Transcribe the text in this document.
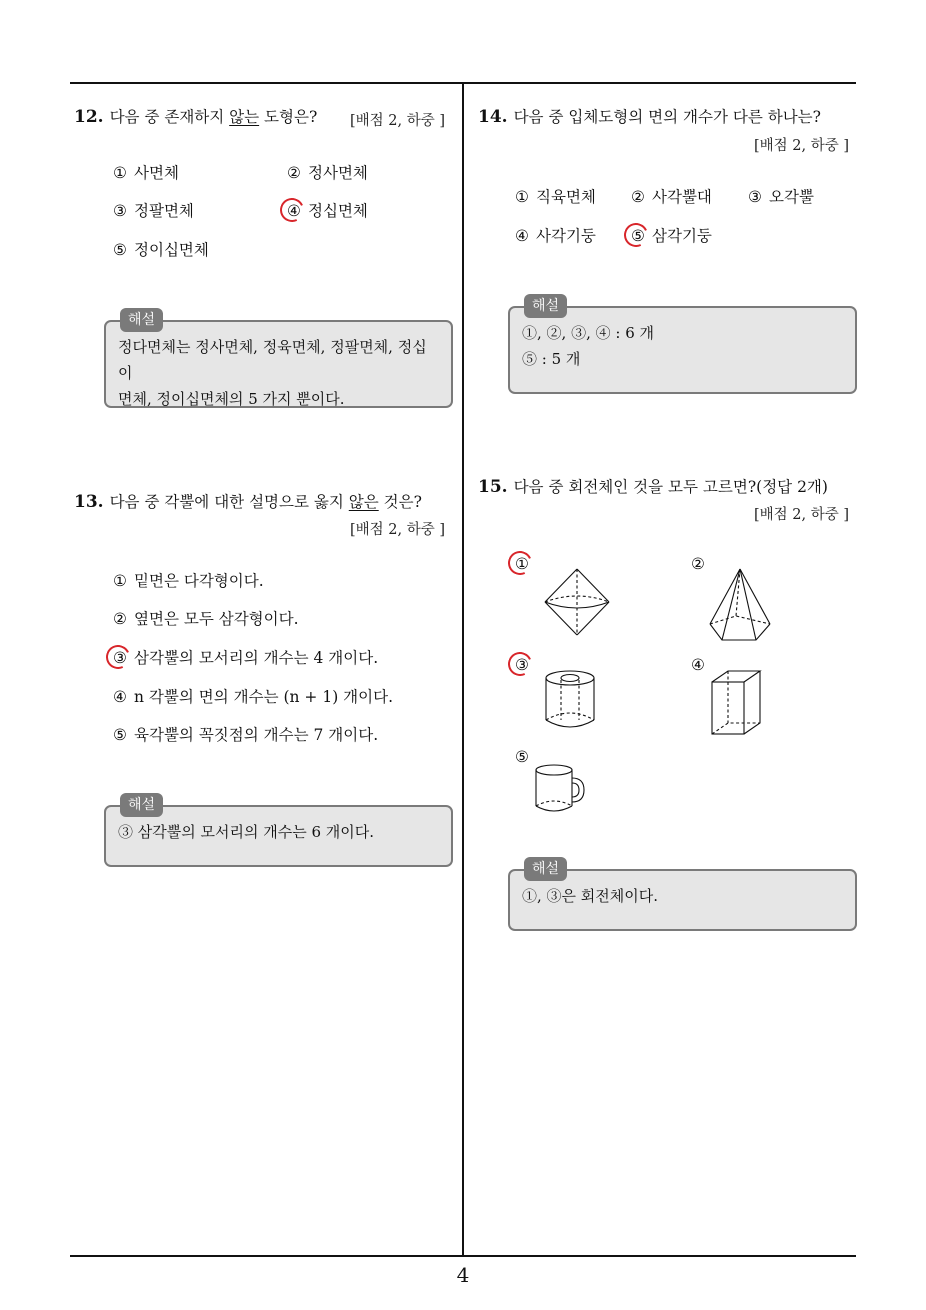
12. 다음 중 존재하지 않는 도형은? [배점 2, 하중 ]
① 사면체	② 정사면체
③ 정팔면체	④ 정십면체
⑤ 정이십면체
해설
정다면체는 정사면체, 정육면체, 정팔면체, 정십이
면체, 정이십면체의 5 가지 뿐이다.
13. 다음 중 각뿔에 대한 설명으로 옳지 않은 것은?
[배점 2, 하중 ]
① 밑면은 다각형이다.
② 옆면은 모두 삼각형이다.
③ 삼각뿔의 모서리의 개수는 4 개이다.
④ n 각뿔의 면의 개수는 (n + 1) 개이다.
⑤ 육각뿔의 꼭짓점의 개수는 7 개이다.
해설
③ 삼각뿔의 모서리의 개수는 6 개이다.
14. 다음 중 입체도형의 면의 개수가 다른 하나는?
[배점 2, 하중 ]
① 직육면체 ② 사각뿔대 ③ 오각뿔
④ 사각기둥 ⑤ 삼각기둥
해설
①, ②, ③, ④ : 6 개
⑤ : 5 개
15. 다음 중 회전체인 것을 모두 고르면?(정답 2개)
[배점 2, 하중 ]
①	②
③	④
⑤
해설
①, ③은 회전체이다.
4
